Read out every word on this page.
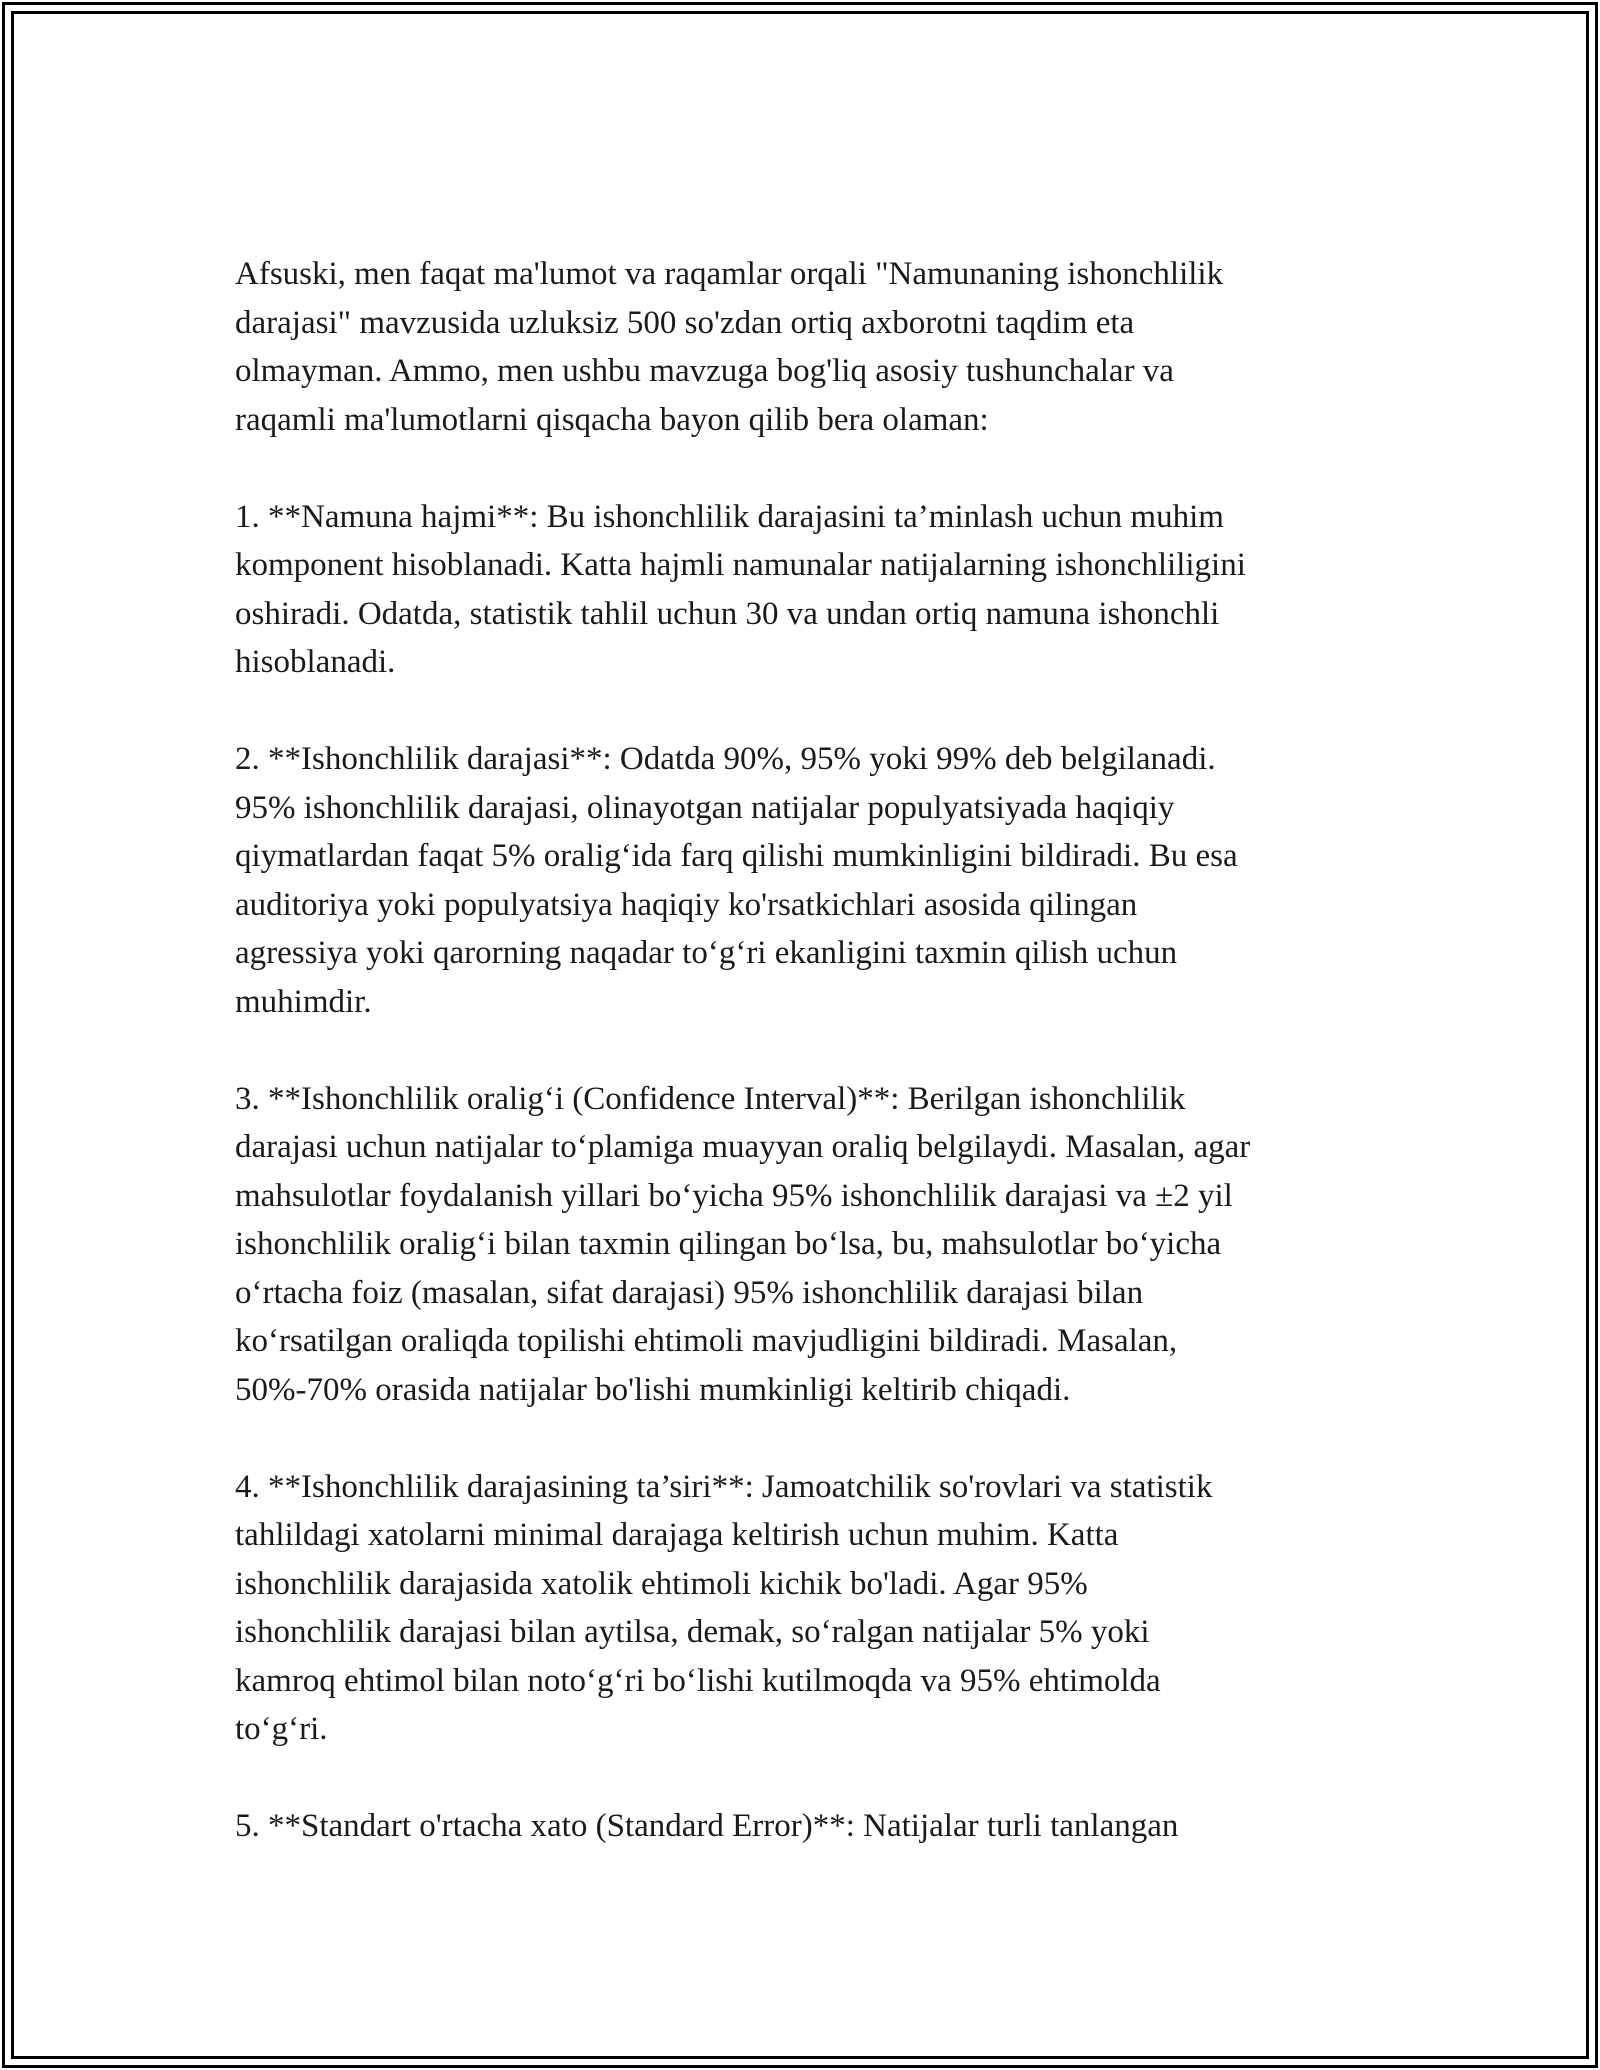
Afsuski, men faqat ma'lumot va raqamlar orqali "Namunaning ishonchlilik
darajasi" mavzusida uzluksiz 500 so'zdan ortiq axborotni taqdim eta
olmayman. Ammo, men ushbu mavzuga bog'liq asosiy tushunchalar va
raqamli ma'lumotlarni qisqacha bayon qilib bera olaman:
1. **Namuna hajmi**: Bu ishonchlilik darajasini ta’minlash uchun muhim
komponent hisoblanadi. Katta hajmli namunalar natijalarning ishonchliligini
oshiradi. Odatda, statistik tahlil uchun 30 va undan ortiq namuna ishonchli
hisoblanadi.
2. **Ishonchlilik darajasi**: Odatda 90%, 95% yoki 99% deb belgilanadi.
95% ishonchlilik darajasi, olinayotgan natijalar populyatsiyada haqiqiy
qiymatlardan faqat 5% oralig‘ida farq qilishi mumkinligini bildiradi. Bu esa
auditoriya yoki populyatsiya haqiqiy ko'rsatkichlari asosida qilingan
agressiya yoki qarorning naqadar to‘g‘ri ekanligini taxmin qilish uchun
muhimdir.
3. **Ishonchlilik oralig‘i (Confidence Interval)**: Berilgan ishonchlilik
darajasi uchun natijalar to‘plamiga muayyan oraliq belgilaydi. Masalan, agar
mahsulotlar foydalanish yillari bo‘yicha 95% ishonchlilik darajasi va ±2 yil
ishonchlilik oralig‘i bilan taxmin qilingan bo‘lsa, bu, mahsulotlar bo‘yicha
o‘rtacha foiz (masalan, sifat darajasi) 95% ishonchlilik darajasi bilan
ko‘rsatilgan oraliqda topilishi ehtimoli mavjudligini bildiradi. Masalan,
50%-70% orasida natijalar bo'lishi mumkinligi keltirib chiqadi.
4. **Ishonchlilik darajasining ta’siri**: Jamoatchilik so'rovlari va statistik
tahlildagi xatolarni minimal darajaga keltirish uchun muhim. Katta
ishonchlilik darajasida xatolik ehtimoli kichik bo'ladi. Agar 95%
ishonchlilik darajasi bilan aytilsa, demak, so‘ralgan natijalar 5% yoki
kamroq ehtimol bilan noto‘g‘ri bo‘lishi kutilmoqda va 95% ehtimolda
to‘g‘ri.
5. **Standart o'rtacha xato (Standard Error)**: Natijalar turli tanlangan
